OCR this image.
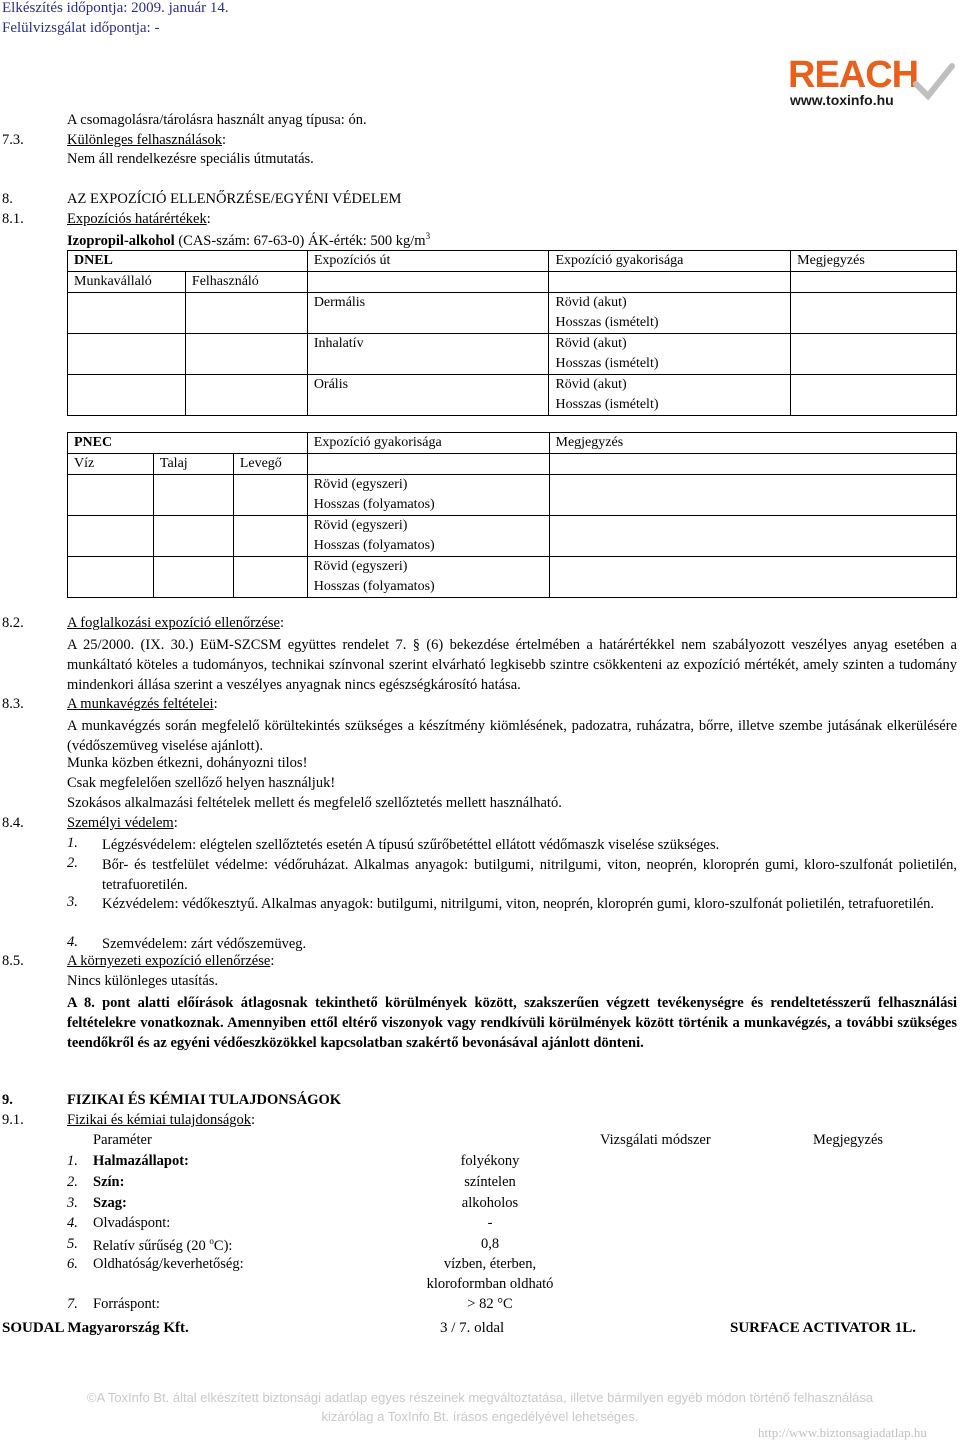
Elkészítés időpontja: 2009. január 14.
Felülvizsgálat időpontja: -
REACH
www.toxinfo.hu
A csomagolásra/tárolásra használt anyag típusa: ón.
7.3.	Különleges felhasználások:
Nem áll rendelkezésre speciális útmutatás.
8.	AZ EXPOZÍCIÓ ELLENŐRZÉSE/EGYÉNI VÉDELEM
8.1.	Expozíciós határértékek:
Izopropil-alkohol (CAS-szám: 67-63-0) ÁK-érték: 500 $kg/m^3$
DNEL		Expozíciós út	Expozíció gyakorisága	Megjegyzés
Munkavállaló	Felhasználó			
		Dermális	Rövid (akut)
Hosszas (ismételt)	

		Inhalatív	Rövid (akut)
Hosszas (ismételt)	

		Orális	Rövid (akut)
Hosszas (ismételt)	

PNEC			Expozíció gyakorisága	Megjegyzés
Víz	Talaj	Levegő		

			Rövid (egyszeri)
Hosszas (folyamatos)	

			Rövid (egyszeri)
Hosszas (folyamatos)	

			Rövid (egyszeri)
Hosszas (folyamatos)	

8.2.	A foglalkozási expozíció ellenőrzése:
A 25/2000. (IX. 30.) EüM-SZCSM együttes rendelet 7. § (6) bekezdése értelmében a határértékkel nem szabályozott veszélyes anyag esetében a munkáltató köteles a tudományos, technikai színvonal szerint elvárható legkisebb szintre csökkenteni az expozíció mértékét, amely szinten a tudomány mindenkori állása szerint a veszélyes anyagnak nincs egészségkárosító hatása.
8.3.	A munkavégzés feltételei:
A munkavégzés során megfelelő körültekintés szükséges a készítmény kiömlésének, padozatra, ruházatra, bőrre, illetve szembe jutásának elkerülésére (védőszemüveg viselése ajánlott).
Munka közben étkezni, dohányozni tilos!
Csak megfelelően szellőző helyen használjuk!
Szokásos alkalmazási feltételek mellett és megfelelő szellőztetés mellett használható.
8.4.	Személyi védelem:
1. Légzésvédelem: elégtelen szellőztetés esetén A típusú szűrőbetéttel ellátott védőmaszk viselése szükséges.
2. Bőr- és testfelület védelme: védőruházat. Alkalmas anyagok: butilgumi, nitrilgumi, viton, neoprén, kloroprén gumi, kloro-szulfonát polietilén, tetrafuoretilén.
3. Kézvédelem: védőkesztyű. Alkalmas anyagok: butilgumi, nitrilgumi, viton, neoprén, kloroprén gumi, kloro-szulfonát polietilén, tetrafuoretilén.
4. Szemvédelem: zárt védőszemüveg.
8.5.	A környezeti expozíció ellenőrzése:
Nincs különleges utasítás.
A 8. pont alatti előírások átlagosnak tekinthető körülmények között, szakszerűen végzett tevékenységre és rendeltetésszerű felhasználási feltételekre vonatkoznak. Amennyiben ettől eltérő viszonyok vagy rendkívüli körülmények között történik a munkavégzés, a további szükséges teendőkről és az egyéni védőeszközökkel kapcsolatban szakértő bevonásával ajánlott dönteni.
9.	FIZIKAI ÉS KÉMIAI TULAJDONSÁGOK
9.1.	Fizikai és kémiai tulajdonságok:
Paraméter	Vizsgálati módszer	Megjegyzés
1. Halmazállapot:	folyékony
2. Szín:	színtelen
3. Szag:	alkoholos
4. Olvadáspont:	-
5. Relatív sűrűség (20 $^o$C):	0,8
6. Oldhatóság/keverhetőség:	vízben, éterben,
kloroformban oldható
7. Forráspont:	> 82 °C
SOUDAL Magyarország Kft.	3 / 7. oldal	SURFACE ACTIVATOR 1L.
©A ToxInfo Bt. által elkészített biztonsági adatlap egyes részeinek megváltoztatása, illetve bármilyen egyéb módon történő felhasználása
kizárólag a ToxInfo Bt. írásos engedélyével lehetséges.
http://www.biztonsagiadatlap.hu
